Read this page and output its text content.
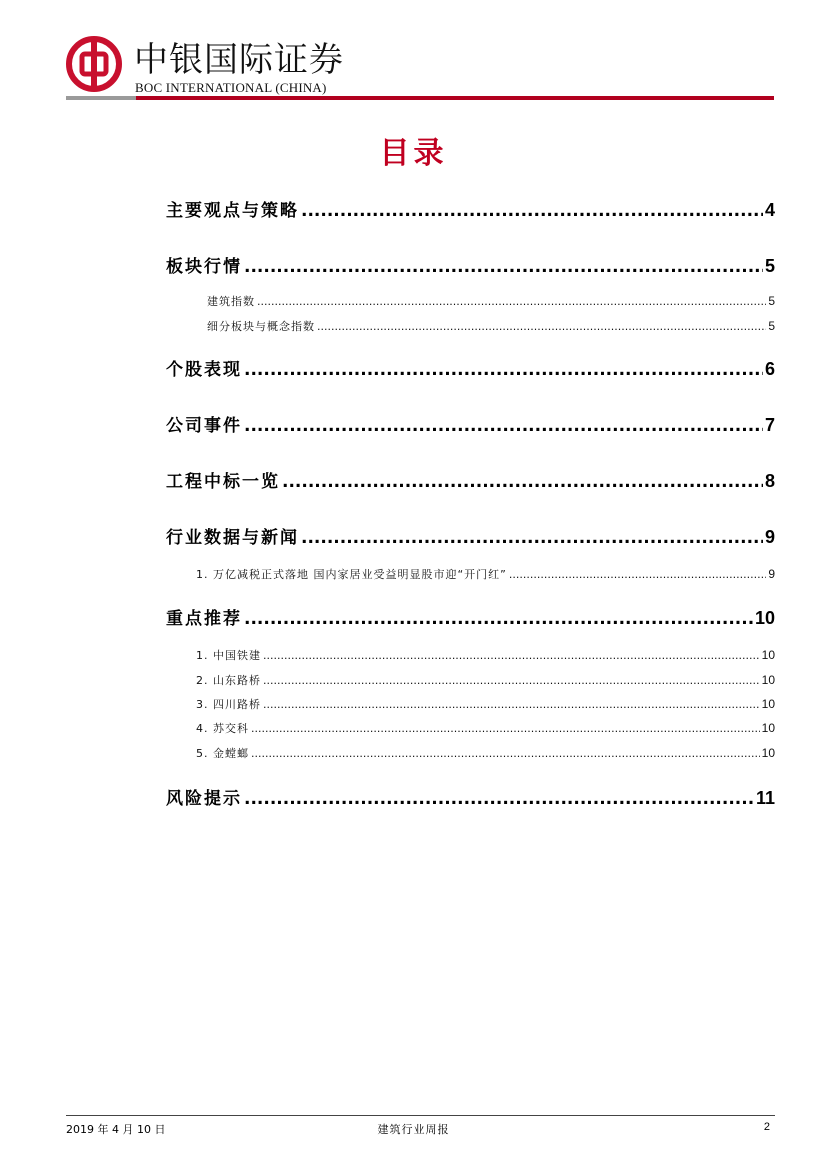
中银国际证券
BOC INTERNATIONAL (CHINA)
目录
主要观点与策略 .....	4
板块行情 .....	5
建筑指数 .....	5
细分板块与概念指数 .....	5
个股表现 .....	6
公司事件 .....	7
工程中标一览 .....	8
行业数据与新闻 .....	9
1. 万亿减税正式落地 国内家居业受益明显股市迎“开门红” .....	9
重点推荐 .....	10
1. 中国铁建 .....	10
2. 山东路桥 .....	10
3. 四川路桥 .....	10
4. 苏交科 .....	10
5. 金螳螂 .....	10
风险提示 .....	11
2019 年 4 月 10 日	建筑行业周报	2
